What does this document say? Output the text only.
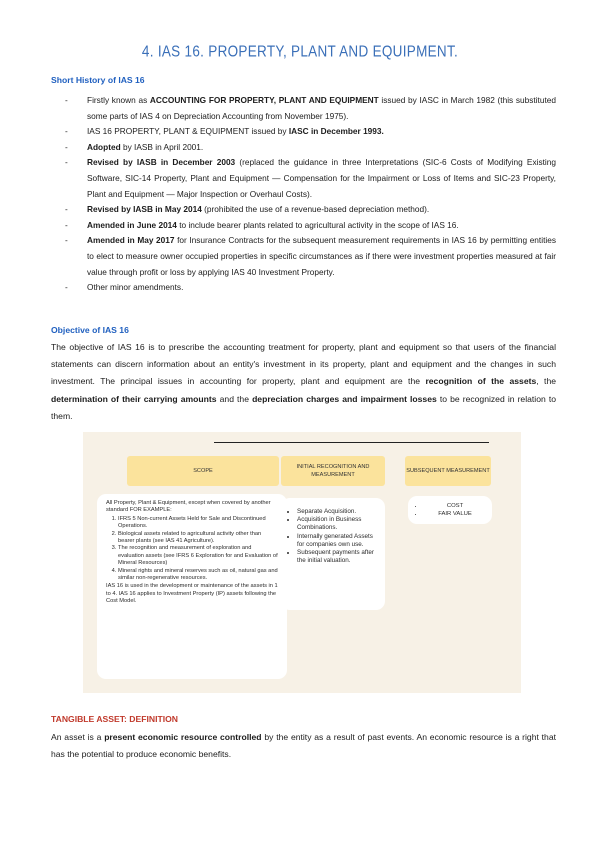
4. IAS 16. PROPERTY, PLANT AND EQUIPMENT.
Short History of IAS 16
- Firstly known as ACCOUNTING FOR PROPERTY, PLANT AND EQUIPMENT issued by IASC in March 1982 (this substituted some parts of IAS 4 on Depreciation Accounting from November 1975).
- IAS 16 PROPERTY, PLANT & EQUIPMENT issued by IASC in December 1993.
- Adopted by IASB in April 2001.
- Revised by IASB in December 2003 (replaced the guidance in three Interpretations (SIC-6 Costs of Modifying Existing Software, SIC-14 Property, Plant and Equipment — Compensation for the Impairment or Loss of Items and SIC-23 Property, Plant and Equipment — Major Inspection or Overhaul Costs).
- Revised by IASB in May 2014 (prohibited the use of a revenue-based depreciation method).
- Amended in June 2014 to include bearer plants related to agricultural activity in the scope of IAS 16.
- Amended in May 2017 for Insurance Contracts for the subsequent measurement requirements in IAS 16 by permitting entities to elect to measure owner occupied properties in specific circumstances as if there were investment properties measured at fair value through profit or loss by applying IAS 40 Investment Property.
- Other minor amendments.
Objective of IAS 16

The objective of IAS 16 is to prescribe the accounting treatment for property, plant and equipment so that users of the financial statements can discern information about an entity's investment in its property, plant and equipment and the changes in such investment. The principal issues in accounting for property, plant and equipment are the recognition of the assets, the determination of their carrying amounts and the depreciation charges and impairment losses to be recognized in relation to them.

SCOPE
INITIAL RECOGNITION AND MEASUREMENT
SUBSEQUENT MEASUREMENT
All Property, Plant & Equipment, except when covered by another standard FOR EXAMPLE:
1. IFRS 5 Non-current Assets Held for Sale and Discontinued Operations.
2. Biological assets related to agricultural activity other than bearer plants (see IAS 41 Agriculture).
3. The recognition and measurement of exploration and evaluation assets (see IFRS 6 Exploration for and Evaluation of Mineral Resources)
4. Mineral rights and mineral reserves such as oil, natural gas and similar non-regenerative resources.
IAS 16 is used in the development or maintenance of the assets in 1 to 4. IAS 16 applies to Investment Property (IP) assets following the Cost Model.
• Separate Acquisition.
• Acquisition in Business Combinations.
• Internally generated Assets for companies own use.
• Subsequent payments after the initial valuation.
• COST
• FAIR VALUE
TANGIBLE ASSET: DEFINITION

An asset is a present economic resource controlled by the entity as a result of past events. An economic resource is a right that has the potential to produce economic benefits.
